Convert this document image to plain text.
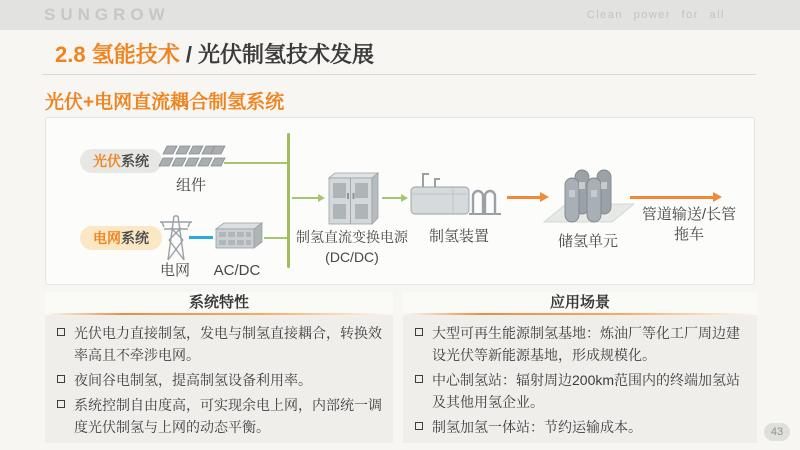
SUNGROW	Clean power for all
2.8 氢能技术 / 光伏制氢技术发展
光伏+电网直流耦合制氢系统
光伏 系统
组件
电网 系统
电网	AC/DC
制氢直流变换电源
(DC/DC)
制氢装置	储氢单元
管道输送/长管
拖车
系统特性
光伏电力直接制氢，发电与制氢直接耦合，转换效率高且不牵涉电网。
夜间谷电制氢，提高制氢设备利用率。
系统控制自由度高，可实现余电上网，内部统一调度光伏制氢与上网的动态平衡。
应用场景
大型可再生能源制氢基地：炼油厂等化工厂周边建设光伏等新能源基地，形成规模化。
中心制氢站：辐射周边200km范围内的终端加氢站及其他用氢企业。
制氢加氢一体站：节约运输成本。	43
